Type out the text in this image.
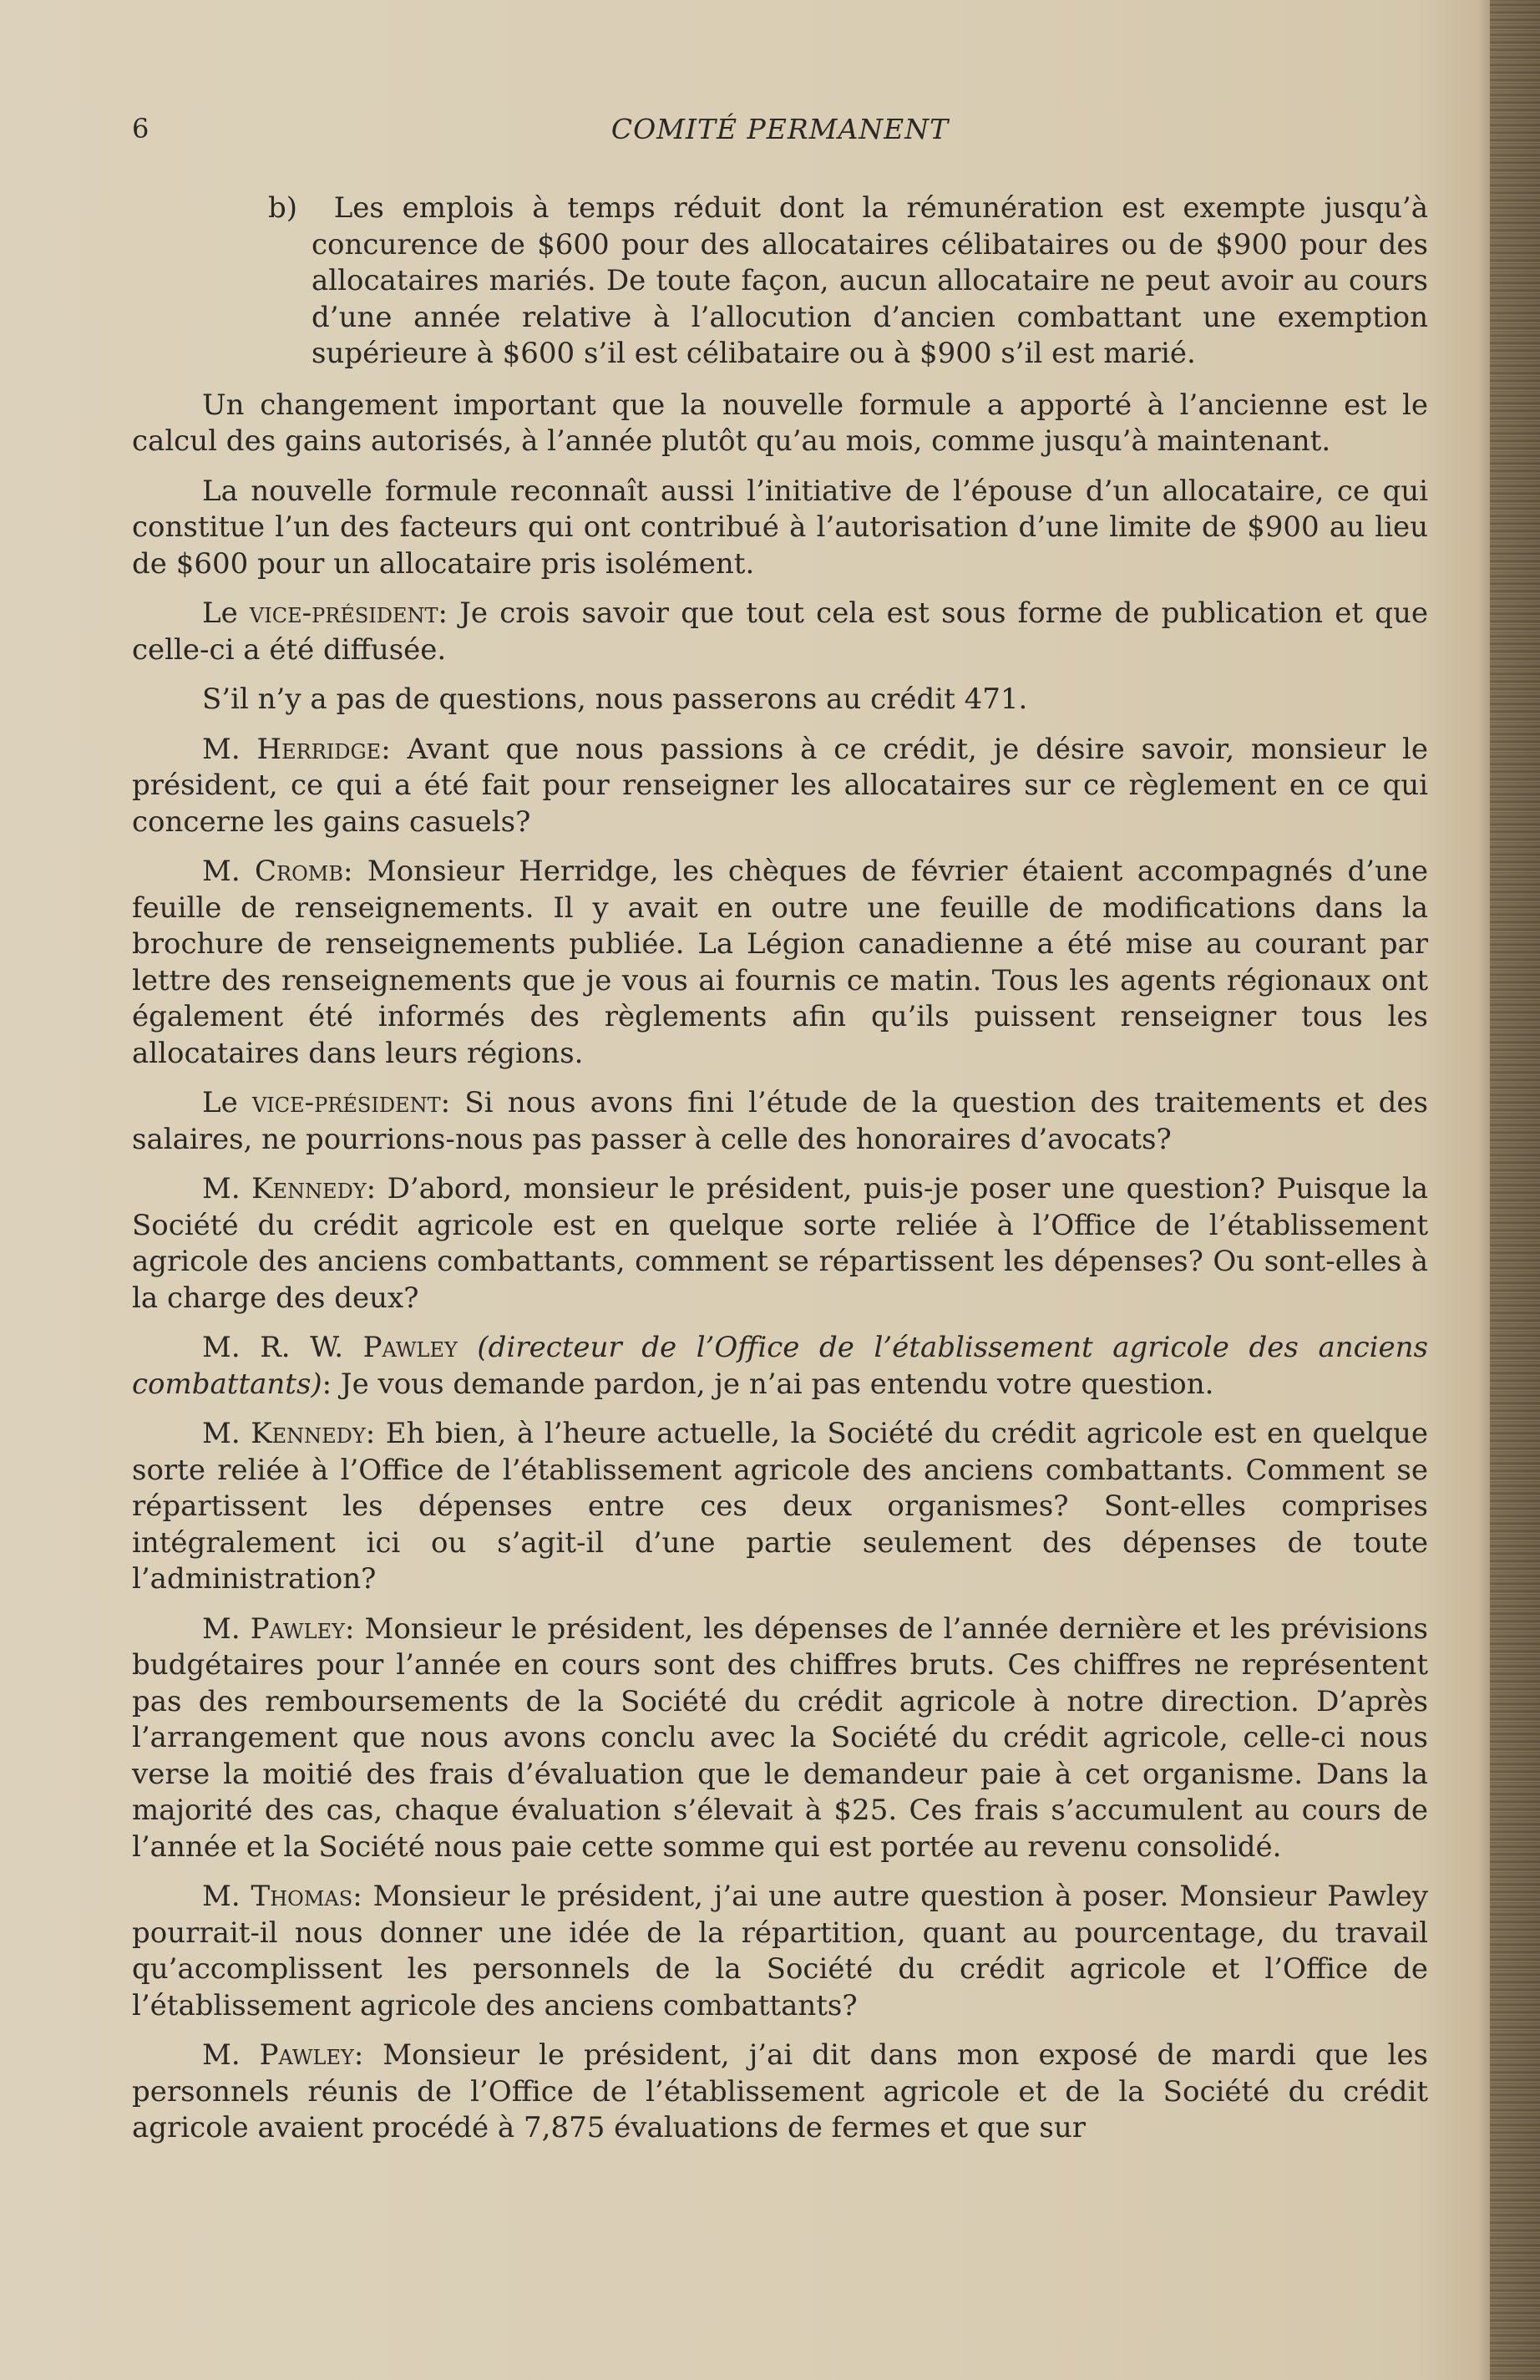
6	COMITÉ PERMANENT

b) Les emplois à temps réduit dont la rémunération est exempte jusqu’à concurence de $600 pour des allocataires célibataires ou de $900 pour des allocataires mariés. De toute façon, aucun allocataire ne peut avoir au cours d’une année relative à l’allocution d’ancien combattant une exemption supérieure à $600 s’il est célibataire ou à $900 s’il est marié.

Un changement important que la nouvelle formule a apporté à l’ancienne est le calcul des gains autorisés, à l’année plutôt qu’au mois, comme jusqu’à maintenant.

La nouvelle formule reconnaît aussi l’initiative de l’épouse d’un allocataire, ce qui constitue l’un des facteurs qui ont contribué à l’autorisation d’une limite de $900 au lieu de $600 pour un allocataire pris isolément.

Le vice-président: Je crois savoir que tout cela est sous forme de publication et que celle-ci a été diffusée.

S’il n’y a pas de questions, nous passerons au crédit 471.

M. Herridge: Avant que nous passions à ce crédit, je désire savoir, monsieur le président, ce qui a été fait pour renseigner les allocataires sur ce règlement en ce qui concerne les gains casuels?

M. Cromb: Monsieur Herridge, les chèques de février étaient accompagnés d’une feuille de renseignements. Il y avait en outre une feuille de modifications dans la brochure de renseignements publiée. La Légion canadienne a été mise au courant par lettre des renseignements que je vous ai fournis ce matin. Tous les agents régionaux ont également été informés des règlements afin qu’ils puissent renseigner tous les allocataires dans leurs régions.

Le vice-président: Si nous avons fini l’étude de la question des traitements et des salaires, ne pourrions-nous pas passer à celle des honoraires d’avocats?

M. Kennedy: D’abord, monsieur le président, puis-je poser une question? Puisque la Société du crédit agricole est en quelque sorte reliée à l’Office de l’établissement agricole des anciens combattants, comment se répartissent les dépenses? Ou sont-elles à la charge des deux?

M. R. W. Pawley (directeur de l’Office de l’établissement agricole des anciens combattants): Je vous demande pardon, je n’ai pas entendu votre question.

M. Kennedy: Eh bien, à l’heure actuelle, la Société du crédit agricole est en quelque sorte reliée à l’Office de l’établissement agricole des anciens combattants. Comment se répartissent les dépenses entre ces deux organismes? Sont-elles comprises intégralement ici ou s’agit-il d’une partie seulement des dépenses de toute l’administration?

M. Pawley: Monsieur le président, les dépenses de l’année dernière et les prévisions budgétaires pour l’année en cours sont des chiffres bruts. Ces chiffres ne représentent pas des remboursements de la Société du crédit agricole à notre direction. D’après l’arrangement que nous avons conclu avec la Société du crédit agricole, celle-ci nous verse la moitié des frais d’évaluation que le demandeur paie à cet organisme. Dans la majorité des cas, chaque évaluation s’élevait à $25. Ces frais s’accumulent au cours de l’année et la Société nous paie cette somme qui est portée au revenu consolidé.

M. Thomas: Monsieur le président, j’ai une autre question à poser. Monsieur Pawley pourrait-il nous donner une idée de la répartition, quant au pourcentage, du travail qu’accomplissent les personnels de la Société du crédit agricole et l’Office de l’établissement agricole des anciens combattants?

M. Pawley: Monsieur le président, j’ai dit dans mon exposé de mardi que les personnels réunis de l’Office de l’établissement agricole et de la Société du crédit agricole avaient procédé à 7,875 évaluations de fermes et que sur
